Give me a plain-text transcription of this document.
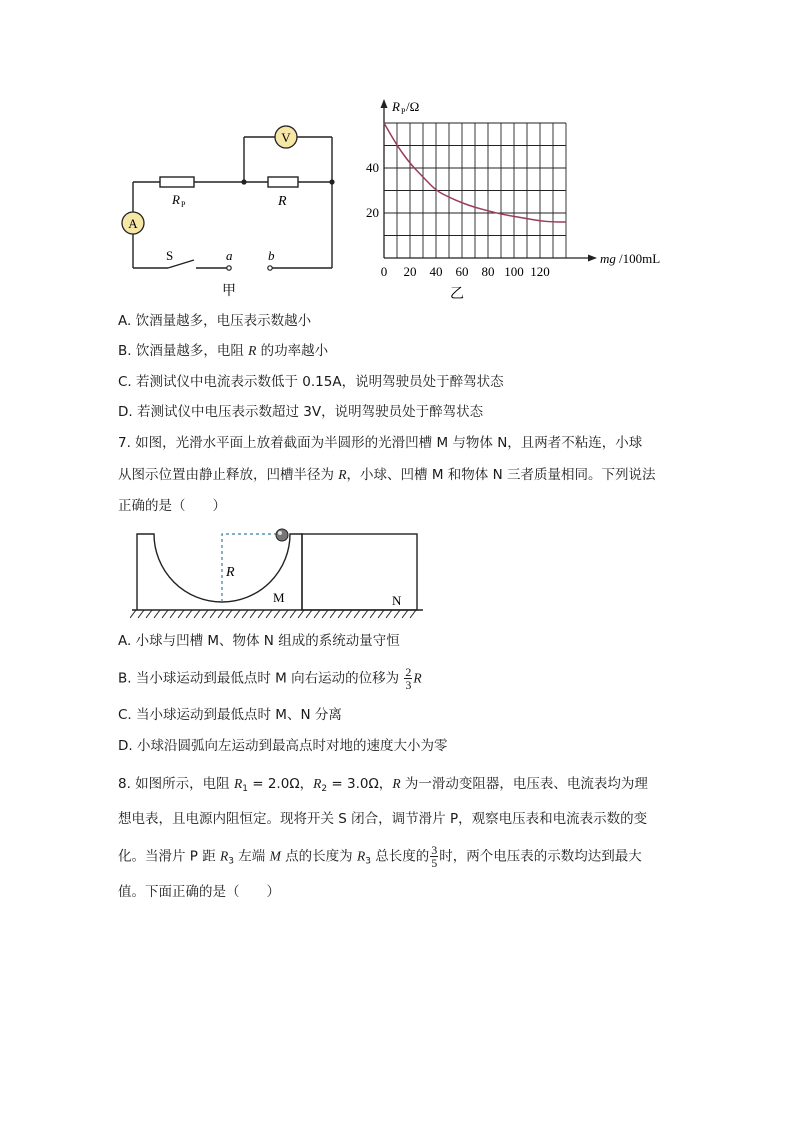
A
V
R P	R
S	a	b
甲
0 20 40 60 80 100 120
20
40
R P /Ω
mg /100mL
乙
A. 饮酒量越多，电压表示数越小
B. 饮酒量越多，电阻 R 的功率越小
C. 若测试仪中电流表示数低于 0.15A，说明驾驶员处于醉驾状态
D. 若测试仪中电压表示数超过 3V，说明驾驶员处于醉驾状态
7. 如图，光滑水平面上放着截面为半圆形的光滑凹槽 M 与物体 N，且两者不粘连，小球
从图示位置由静止释放，凹槽半径为 R，小球、凹槽 M 和物体 N 三者质量相同。下列说法
正确的是（　　）
R
M	N
A. 小球与凹槽 M、物体 N 组成的系统动量守恒
B. 当小球运动到最低点时 M 向右运动的位移为 $\frac{2}{3}$ R
C. 当小球运动到最低点时 M、N 分离
D. 小球沿圆弧向左运动到最高点时对地的速度大小为零
8. 如图所示，电阻 $R_1 = 2.0\Omega$，$R_2 = 3.0\Omega$，R 为一滑动变阻器，电压表、电流表均为理
想电表，且电源内阻恒定。现将开关 S 闭合，调节滑片 P，观察电压表和电流表示数的变
化。当滑片 P 距 $R_3$ 左端 M 点的长度为 $R_3$ 总长度的 $\frac{3}{5}$ 时，两个电压表的示数均达到最大
值。下面正确的是（　　）
